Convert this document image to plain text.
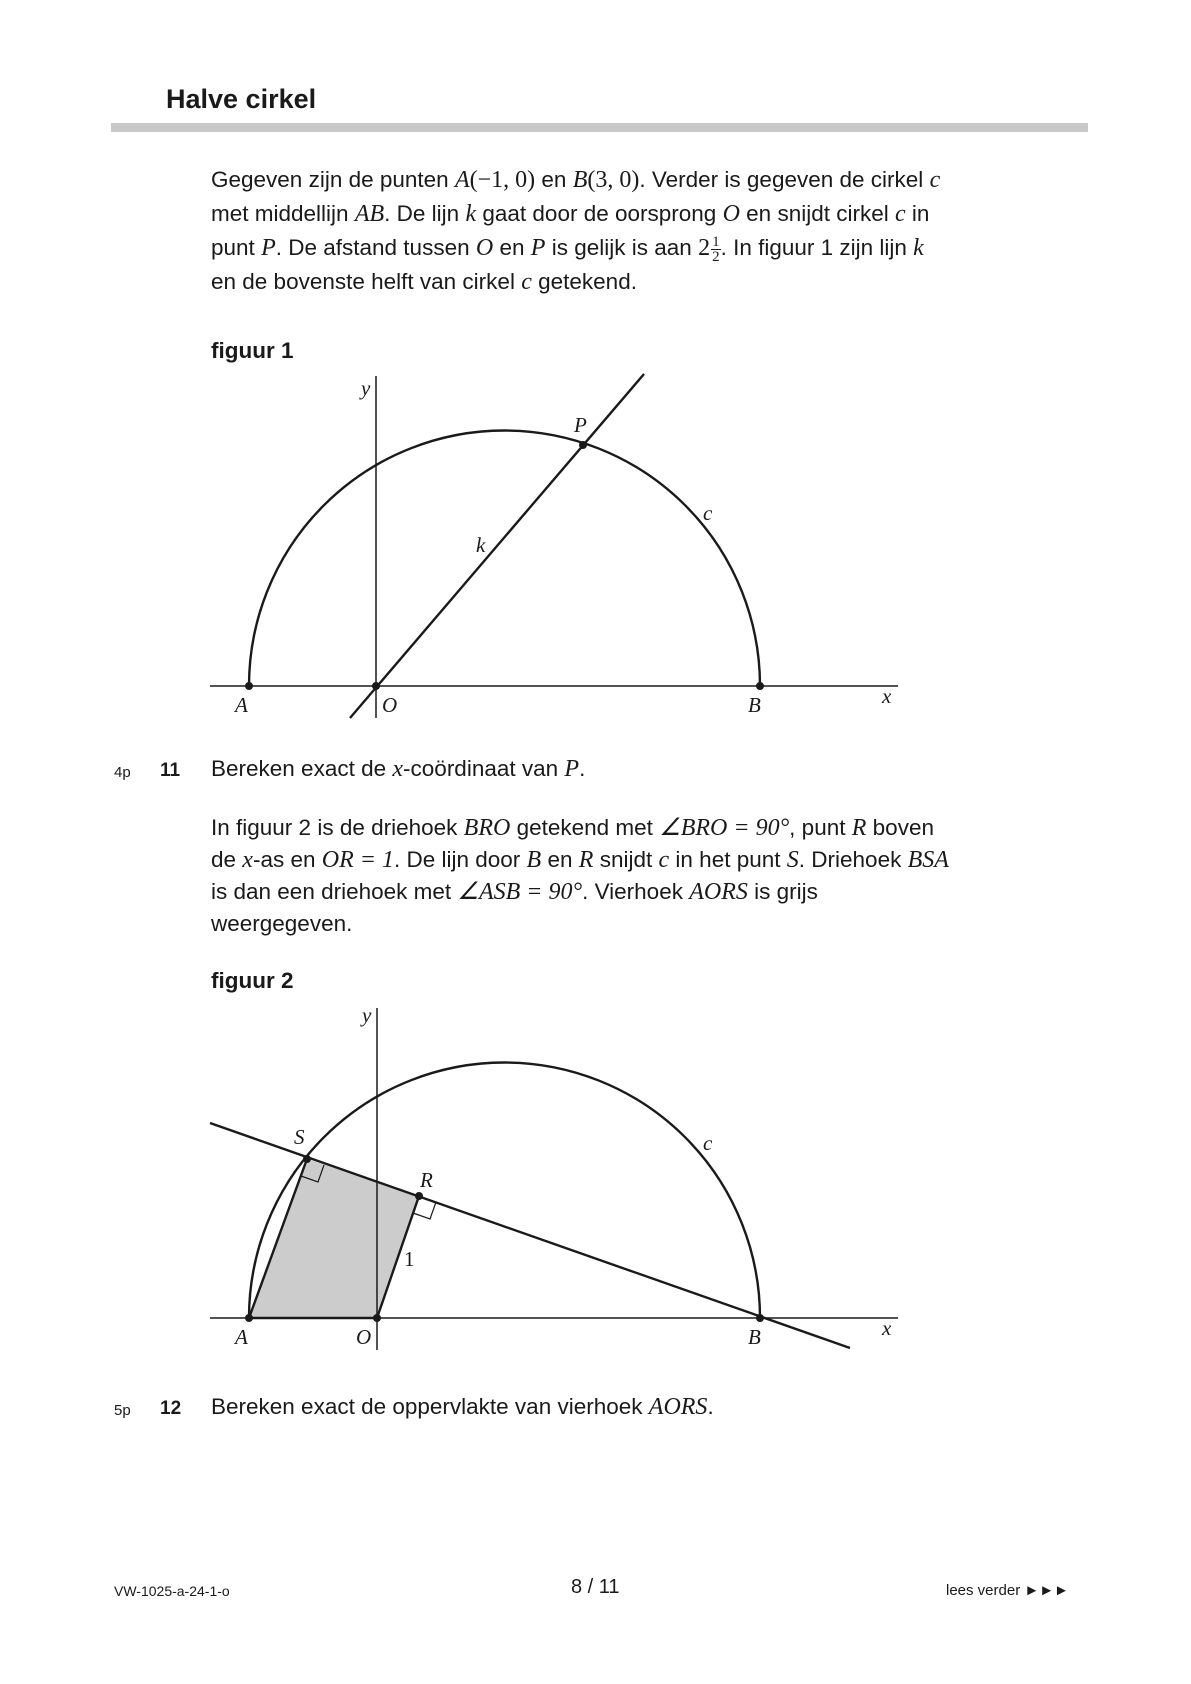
Halve cirkel
Gegeven zijn de punten A(−1, 0) en B(3, 0). Verder is gegeven de cirkel c
met middellijn AB. De lijn k gaat door de oorsprong O en snijdt cirkel c in
punt P. De afstand tussen O en P is gelijk is aan $2 \frac{1}{2}$ . In figuur 1 zijn lijn k
en de bovenste helft van cirkel c getekend.
figuur 1
4p 11 Bereken exact de x-coördinaat van P.
In figuur 2 is de driehoek BRO getekend met ∠BRO = 90°, punt R boven
de x-as en OR = 1. De lijn door B en R snijdt c in het punt S. Driehoek BSA
is dan een driehoek met ∠ASB = 90°. Vierhoek AORS is grijs
weergegeven.
figuur 2
5p 12 Bereken exact de oppervlakte van vierhoek AORS.
VW-1025-a-24-1-o	8 / 11	lees verder ►►►
y
x
A	O	B
P
c
k
y
x
A	O	B
S
R
c
1
